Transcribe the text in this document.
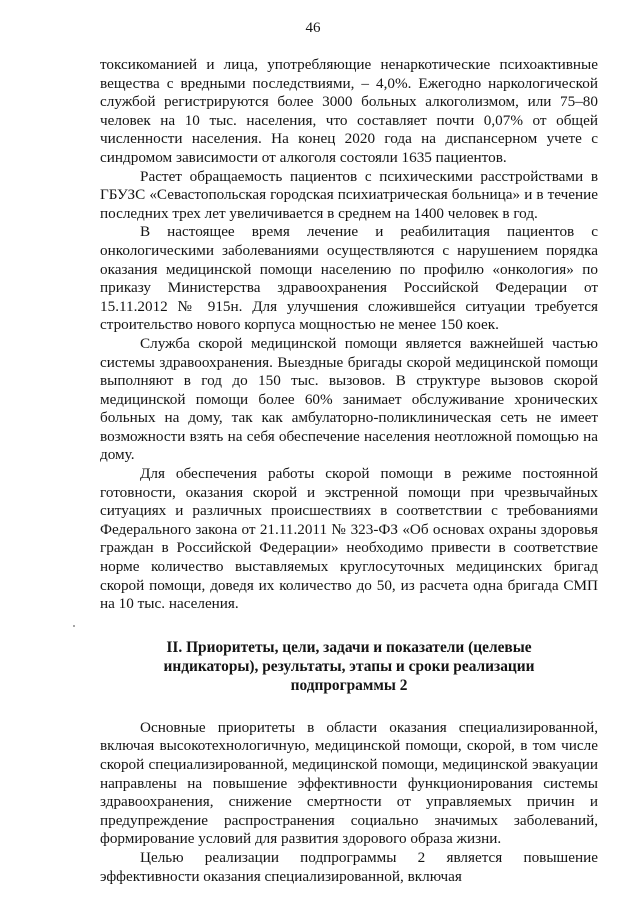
46

токсикоманией и лица, употребляющие ненаркотические психоактивные вещества с вредными последствиями, – 4,0%. Ежегодно наркологической службой регистрируются более 3000 больных алкоголизмом, или 75–80 человек на 10 тыс. населения, что составляет почти 0,07% от общей численности населения. На конец 2020 года на диспансерном учете с синдромом зависимости от алкоголя состояли 1635 пациентов.

Растет обращаемость пациентов с психическими расстройствами в ГБУЗС «Севастопольская городская психиатрическая больница» и в течение последних трех лет увеличивается в среднем на 1400 человек в год.

В настоящее время лечение и реабилитация пациентов с онкологическими заболеваниями осуществляются с нарушением порядка оказания медицинской помощи населению по профилю «онкология» по приказу Министерства здравоохранения Российской Федерации от 15.11.2012 № 915н. Для улучшения сложившейся ситуации требуется строительство нового корпуса мощностью не менее 150 коек.

Служба скорой медицинской помощи является важнейшей частью системы здравоохранения. Выездные бригады скорой медицинской помощи выполняют в год до 150 тыс. вызовов. В структуре вызовов скорой медицинской помощи более 60% занимает обслуживание хронических больных на дому, так как амбулаторно-поликлиническая сеть не имеет возможности взять на себя обеспечение населения неотложной помощью на дому.

Для обеспечения работы скорой помощи в режиме постоянной готовности, оказания скорой и экстренной помощи при чрезвычайных ситуациях и различных происшествиях в соответствии с требованиями Федерального закона от 21.11.2011 № 323-ФЗ «Об основах охраны здоровья граждан в Российской Федерации» необходимо привести в соответствие норме количество выставляемых круглосуточных медицинских бригад скорой помощи, доведя их количество до 50, из расчета одна бригада СМП на 10 тыс. населения.

II. Приоритеты, цели, задачи и показатели (целевые индикаторы), результаты, этапы и сроки реализации подпрограммы 2

Основные приоритеты в области оказания специализированной, включая высокотехнологичную, медицинской помощи, скорой, в том числе скорой специализированной, медицинской помощи, медицинской эвакуации направлены на повышение эффективности функционирования системы здравоохранения, снижение смертности от управляемых причин и предупреждение распространения социально значимых заболеваний, формирование условий для развития здорового образа жизни.

Целью реализации подпрограммы 2 является повышение эффективности оказания специализированной, включая
